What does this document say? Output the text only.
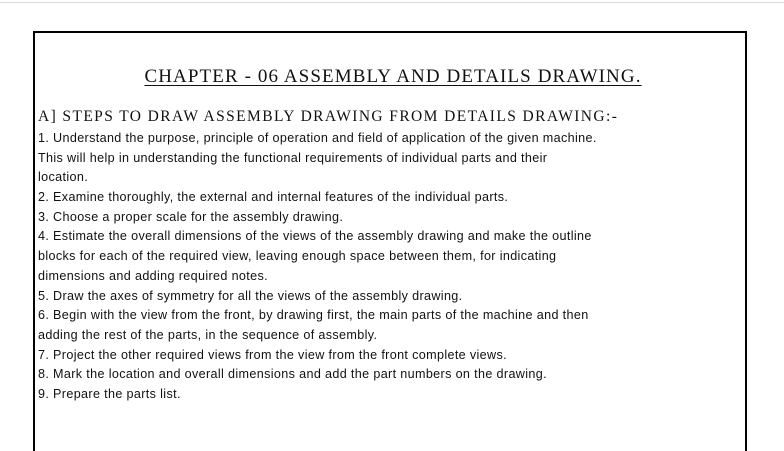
CHAPTER - 06 ASSEMBLY AND DETAILS DRAWING.
A] STEPS TO DRAW ASSEMBLY DRAWING FROM DETAILS DRAWING:-
1. Understand the purpose, principle of operation and field of application of the given machine.
This will help in understanding the functional requirements of individual parts and their
location.
2. Examine thoroughly, the external and internal features of the individual parts.
3. Choose a proper scale for the assembly drawing.
4. Estimate the overall dimensions of the views of the assembly drawing and make the outline
blocks for each of the required view, leaving enough space between them, for indicating
dimensions and adding required notes.
5. Draw the axes of symmetry for all the views of the assembly drawing.
6. Begin with the view from the front, by drawing first, the main parts of the machine and then
adding the rest of the parts, in the sequence of assembly.
7. Project the other required views from the view from the front complete views.
8. Mark the location and overall dimensions and add the part numbers on the drawing.
9. Prepare the parts list.
